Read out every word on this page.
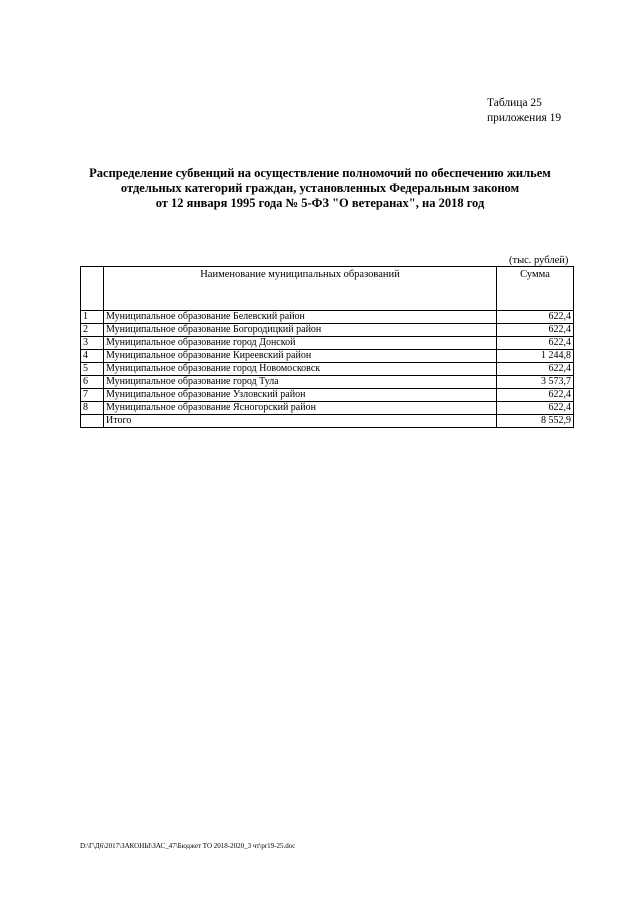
Таблица 25
приложения 19
Распределение субвенций на осуществление полномочий по обеспечению жильем
отдельных категорий граждан, установленных Федеральным законом
от 12 января 1995 года № 5-ФЗ "О ветеранах", на 2018 год
(тыс. рублей)
	Наименование муниципальных образований	Сумма
1	Муниципальное образование Белевский район	622,4
2	Муниципальное образование Богородицкий район	622,4
3	Муниципальное образование город Донской	622,4
4	Муниципальное образование Киреевский район	1 244,8
5	Муниципальное образование город Новомосковск	622,4
6	Муниципальное образование город Тула	3 573,7
7	Муниципальное образование Узловский район	622,4
8	Муниципальное образование Ясногорский район	622,4
	Итого	8 552,9
D:\Г\Д6\2017\ЗАКОНЫ\ЗАС_47\Бюджет ТО 2018-2020_3 чт\pr19-25.doc
